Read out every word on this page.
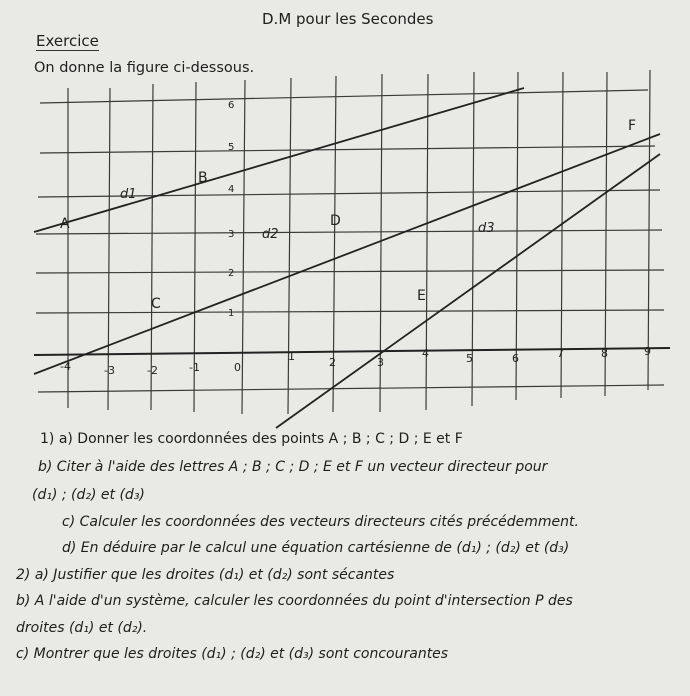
D.M pour les Secondes
Exercice
On donne la figure ci-dessous.
-4	-3	-2	-1	0
1	2	3
4	5	6	7	8	9
6
5
4
3
2
1
A
B
C
D
E
F
d1
d2	d3
1) a) Donner les coordonnées des points A ; B ; C ; D ; E et F
b) Citer à l'aide des lettres A ; B ; C ; D ; E et F un vecteur directeur pour
(d₁) ; (d₂) et (d₃)
c) Calculer les coordonnées des vecteurs directeurs cités précédemment.
d) En déduire par le calcul une équation cartésienne de (d₁) ; (d₂) et (d₃)
2) a) Justifier que les droites (d₁) et (d₂) sont sécantes
b) A l'aide d'un système, calculer les coordonnées du point d'intersection P des
droites (d₁) et (d₂).
c) Montrer que les droites (d₁) ; (d₂) et (d₃) sont concourantes
